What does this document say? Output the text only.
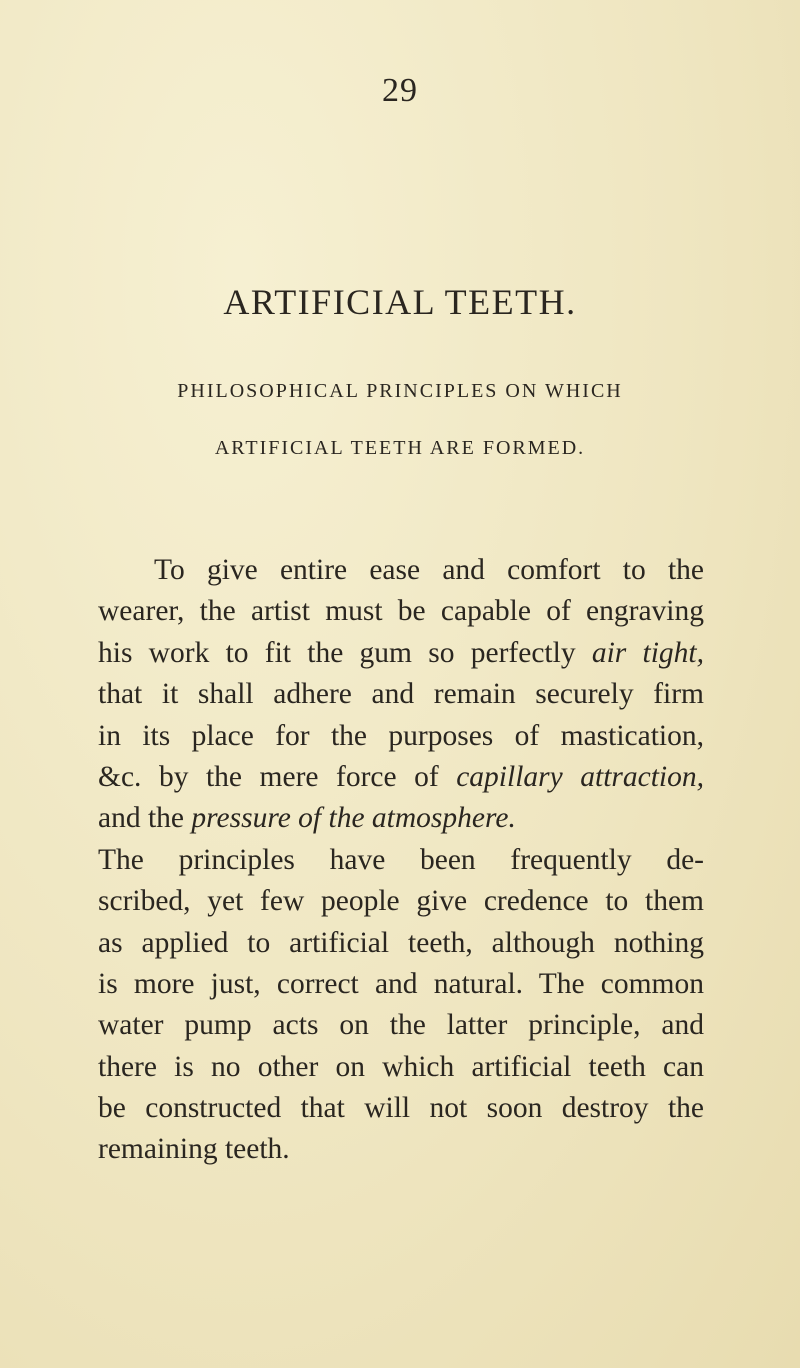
29
ARTIFICIAL TEETH.
PHILOSOPHICAL PRINCIPLES ON WHICH
ARTIFICIAL TEETH ARE FORMED.
To give entire ease and comfort to the
wearer, the artist must be capable of engraving
his work to fit the gum so perfectly air tight,
that it shall adhere and remain securely firm
in its place for the purposes of mastication,
&c. by the mere force of capillary attraction,
and the pressure of the atmosphere.
The principles have been frequently de-
scribed, yet few people give credence to them
as applied to artificial teeth, although nothing
is more just, correct and natural. The common
water pump acts on the latter principle, and
there is no other on which artificial teeth can
be constructed that will not soon destroy the
remaining teeth.
